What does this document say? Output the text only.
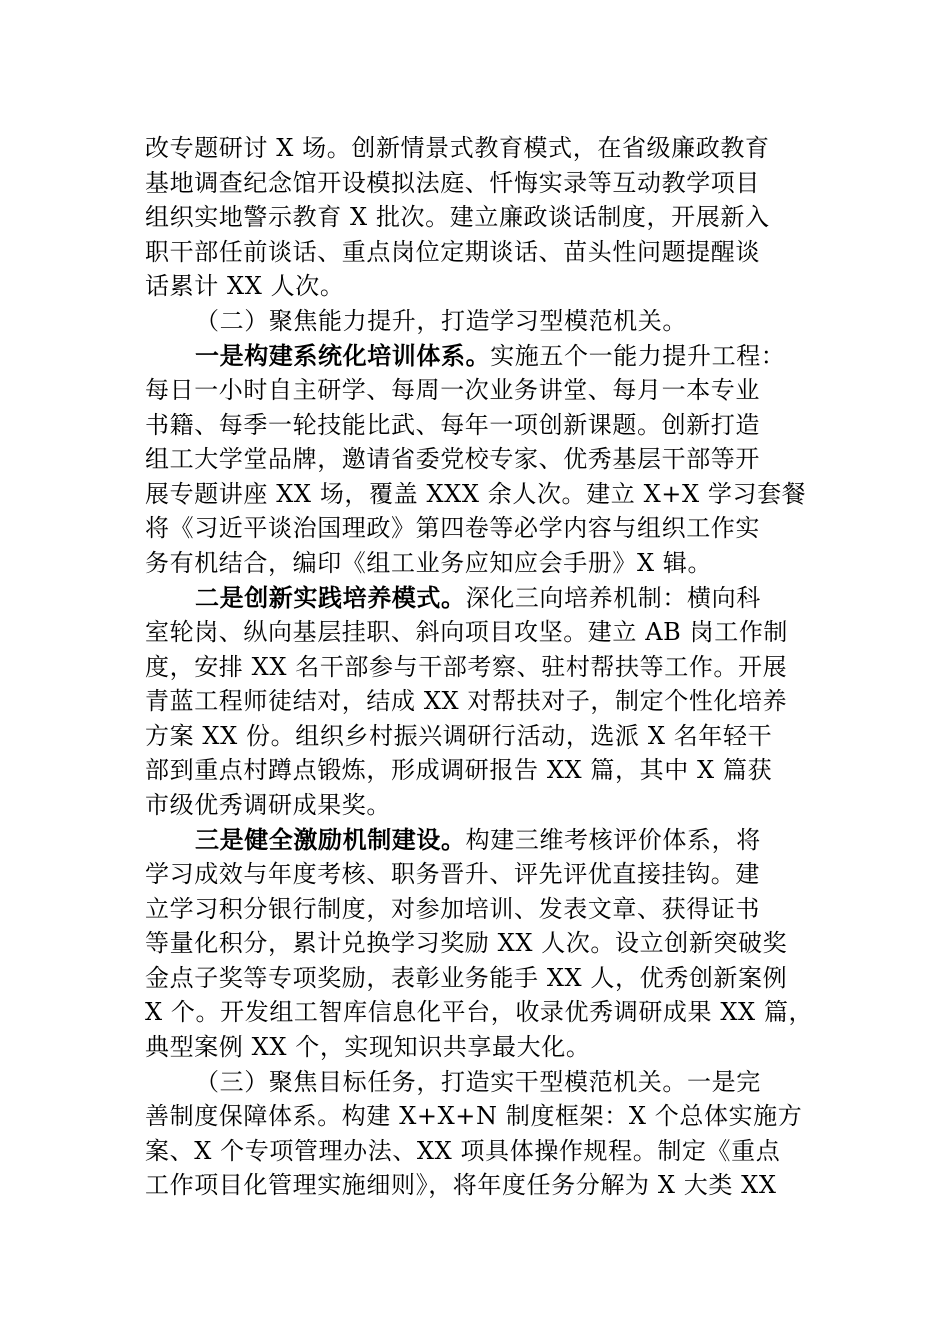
改专题研讨 X 场。创新情景式教育模式，在省级廉政教育
基地调查纪念馆开设模拟法庭、忏悔实录等互动教学项目
组织实地警示教育 X 批次。建立廉政谈话制度，开展新入
职干部任前谈话、重点岗位定期谈话、苗头性问题提醒谈
话累计 XX 人次。
（二）聚焦能力提升，打造学习型模范机关。
一是构建系统化培训体系。实施五个一能力提升工程：
每日一小时自主研学、每周一次业务讲堂、每月一本专业
书籍、每季一轮技能比武、每年一项创新课题。创新打造
组工大学堂品牌，邀请省委党校专家、优秀基层干部等开
展专题讲座 XX 场，覆盖 XXX 余人次。建立 X+X 学习套餐
将《习近平谈治国理政》第四卷等必学内容与组织工作实
务有机结合，编印《组工业务应知应会手册》X 辑。
二是创新实践培养模式。深化三向培养机制：横向科
室轮岗、纵向基层挂职、斜向项目攻坚。建立 AB 岗工作制
度，安排 XX 名干部参与干部考察、驻村帮扶等工作。开展
青蓝工程师徒结对，结成 XX 对帮扶对子，制定个性化培养
方案 XX 份。组织乡村振兴调研行活动，选派 X 名年轻干
部到重点村蹲点锻炼，形成调研报告 XX 篇，其中 X 篇获
市级优秀调研成果奖。
三是健全激励机制建设。构建三维考核评价体系，将
学习成效与年度考核、职务晋升、评先评优直接挂钩。建
立学习积分银行制度，对参加培训、发表文章、获得证书
等量化积分，累计兑换学习奖励 XX 人次。设立创新突破奖
金点子奖等专项奖励，表彰业务能手 XX 人，优秀创新案例
X 个。开发组工智库信息化平台，收录优秀调研成果 XX 篇，
典型案例 XX 个，实现知识共享最大化。
（三）聚焦目标任务，打造实干型模范机关。一是完
善制度保障体系。构建 X+X+N 制度框架：X 个总体实施方
案、X 个专项管理办法、XX 项具体操作规程。制定《重点
工作项目化管理实施细则》，将年度任务分解为 X 大类 XX
